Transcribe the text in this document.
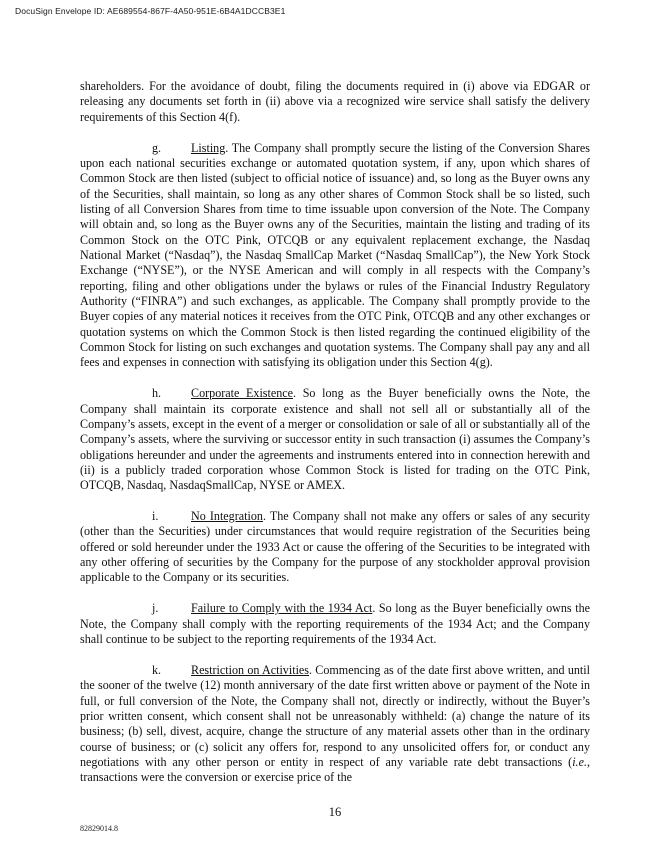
DocuSign Envelope ID: AE689554-867F-4A50-951E-6B4A1DCCB3E1

shareholders. For the avoidance of doubt, filing the documents required in (i) above via EDGAR or releasing any documents set forth in (ii) above via a recognized wire service shall satisfy the delivery requirements of this Section 4(f).

g. Listing. The Company shall promptly secure the listing of the Conversion Shares upon each national securities exchange or automated quotation system, if any, upon which shares of Common Stock are then listed (subject to official notice of issuance) and, so long as the Buyer owns any of the Securities, shall maintain, so long as any other shares of Common Stock shall be so listed, such listing of all Conversion Shares from time to time issuable upon conversion of the Note. The Company will obtain and, so long as the Buyer owns any of the Securities, maintain the listing and trading of its Common Stock on the OTC Pink, OTCQB or any equivalent replacement exchange, the Nasdaq National Market (“Nasdaq”), the Nasdaq SmallCap Market (“Nasdaq SmallCap”), the New York Stock Exchange (“NYSE”), or the NYSE American and will comply in all respects with the Company’s reporting, filing and other obligations under the bylaws or rules of the Financial Industry Regulatory Authority (“FINRA”) and such exchanges, as applicable. The Company shall promptly provide to the Buyer copies of any material notices it receives from the OTC Pink, OTCQB and any other exchanges or quotation systems on which the Common Stock is then listed regarding the continued eligibility of the Common Stock for listing on such exchanges and quotation systems. The Company shall pay any and all fees and expenses in connection with satisfying its obligation under this Section 4(g).

h. Corporate Existence. So long as the Buyer beneficially owns the Note, the Company shall maintain its corporate existence and shall not sell all or substantially all of the Company’s assets, except in the event of a merger or consolidation or sale of all or substantially all of the Company’s assets, where the surviving or successor entity in such transaction (i) assumes the Company’s obligations hereunder and under the agreements and instruments entered into in connection herewith and (ii) is a publicly traded corporation whose Common Stock is listed for trading on the OTC Pink, OTCQB, Nasdaq, NasdaqSmallCap, NYSE or AMEX.

i.	No Integration. The Company shall not make any offers or sales of any security (other than the Securities) under circumstances that would require registration of the Securities being offered or sold hereunder under the 1933 Act or cause the offering of the Securities to be integrated with any other offering of securities by the Company for the purpose of any stockholder approval provision applicable to the Company or its securities.

j.	Failure to Comply with the 1934 Act. So long as the Buyer beneficially owns the Note, the Company shall comply with the reporting requirements of the 1934 Act; and the Company shall continue to be subject to the reporting requirements of the 1934 Act.

k. Restriction on Activities. Commencing as of the date first above written, and until the sooner of the twelve (12) month anniversary of the date first written above or payment of the Note in full, or full conversion of the Note, the Company shall not, directly or indirectly, without the Buyer’s prior written consent, which consent shall not be unreasonably withheld: (a) change the nature of its business; (b) sell, divest, acquire, change the structure of any material assets other than in the ordinary course of business; or (c) solicit any offers for, respond to any unsolicited offers for, or conduct any negotiations with any other person or entity in respect of any variable rate debt transactions (i.e., transactions were the conversion or exercise price of the

16
82829014.8
